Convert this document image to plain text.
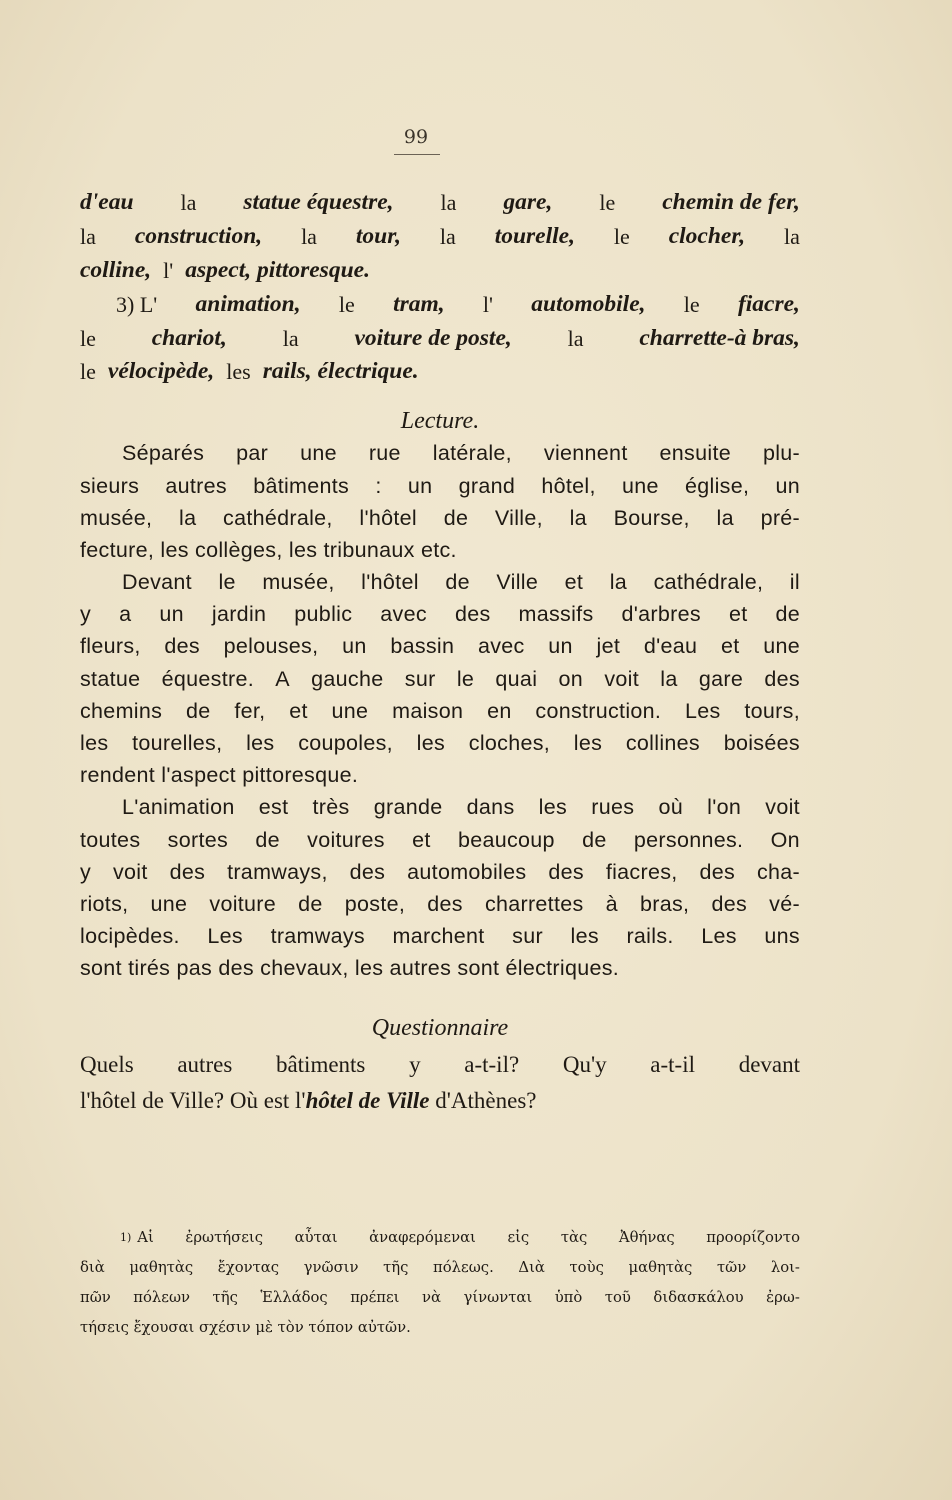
99
d'eau la statue équestre, la gare, le chemin de fer,
la construction, la tour, la tourelle, le clocher, la
colline, l' aspect, pittoresque.
3) L' animation, le tram, l' automobile, le fiacre,
le chariot,	la voiture de poste,	la charrette-à bras,
le vélocipède, les rails, électrique.
Lecture.
Séparés par une rue latérale, viennent ensuite plu-
sieurs autres bâtiments : un grand hôtel, une église, un
musée, la cathédrale, l'hôtel de Ville, la Bourse, la pré-
fecture, les collèges, les tribunaux etc.
Devant le musée, l'hôtel de Ville et la cathédrale, il
y a un jardin public avec des massifs d'arbres et de
fleurs, des pelouses, un bassin avec un jet d'eau et une
statue équestre. A gauche sur le quai on voit la gare des
chemins de fer, et une maison en construction. Les tours,
les tourelles, les coupoles, les cloches, les collines boisées
rendent l'aspect pittoresque.
L'animation est très grande dans les rues où l'on voit
toutes sortes de voitures et beaucoup de personnes. On
y voit des tramways, des automobiles des fiacres, des cha-
riots, une voiture de poste, des charrettes à bras, des vé-
locipèdes. Les tramways marchent sur les rails. Les uns
sont tirés pas des chevaux, les autres sont électriques.
Questionnaire
Quels autres bâtiments y a-t-il? Qu'y a-t-il devant
l'hôtel de Ville? Où est l'hôtel de Ville d'Athènes?
1) Αἱ ἐρωτήσεις αὗται ἀναφερόμεναι εἰς τὰς Ἀθήνας προορίζοντο
διὰ μαθητὰς ἔχοντας γνῶσιν τῆς πόλεως. Διὰ τοὺς μαθητὰς τῶν λοι-
πῶν πόλεων τῆς Ἑλλάδος πρέπει νὰ γίνωνται ὑπὸ τοῦ διδασκάλου ἐρω-
τήσεις ἔχουσαι σχέσιν μὲ τὸν τόπον αὐτῶν.
